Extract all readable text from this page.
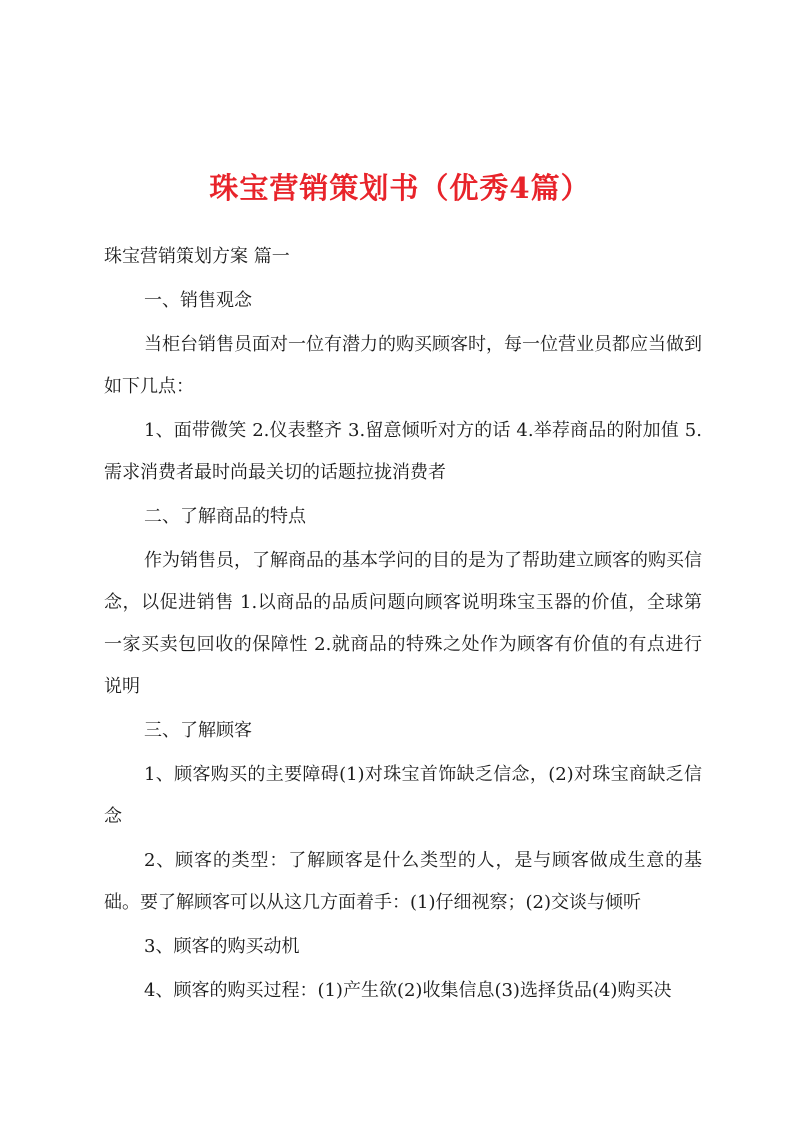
珠宝营销策划书（优秀4篇）

珠宝营销策划方案 篇一

一、销售观念

当柜台销售员面对一位有潜力的购买顾客时，每一位营业员都应当做到如下几点：

1、面带微笑 2.仪表整齐 3.留意倾听对方的话 4.举荐商品的附加值 5.需求消费者最时尚最关切的话题拉拢消费者

二、了解商品的特点

作为销售员，了解商品的基本学问的目的是为了帮助建立顾客的购买信念，以促进销售 1.以商品的品质问题向顾客说明珠宝玉器的价值，全球第一家买卖包回收的保障性 2.就商品的特殊之处作为顾客有价值的有点进行说明

三、了解顾客

1、顾客购买的主要障碍(1)对珠宝首饰缺乏信念，(2)对珠宝商缺乏信念

2、顾客的类型：了解顾客是什么类型的人，是与顾客做成生意的基础。要了解顾客可以从这几方面着手：(1)仔细视察；(2)交谈与倾听

3、顾客的购买动机

4、顾客的购买过程：(1)产生欲(2)收集信息(3)选择货品(4)购买决
